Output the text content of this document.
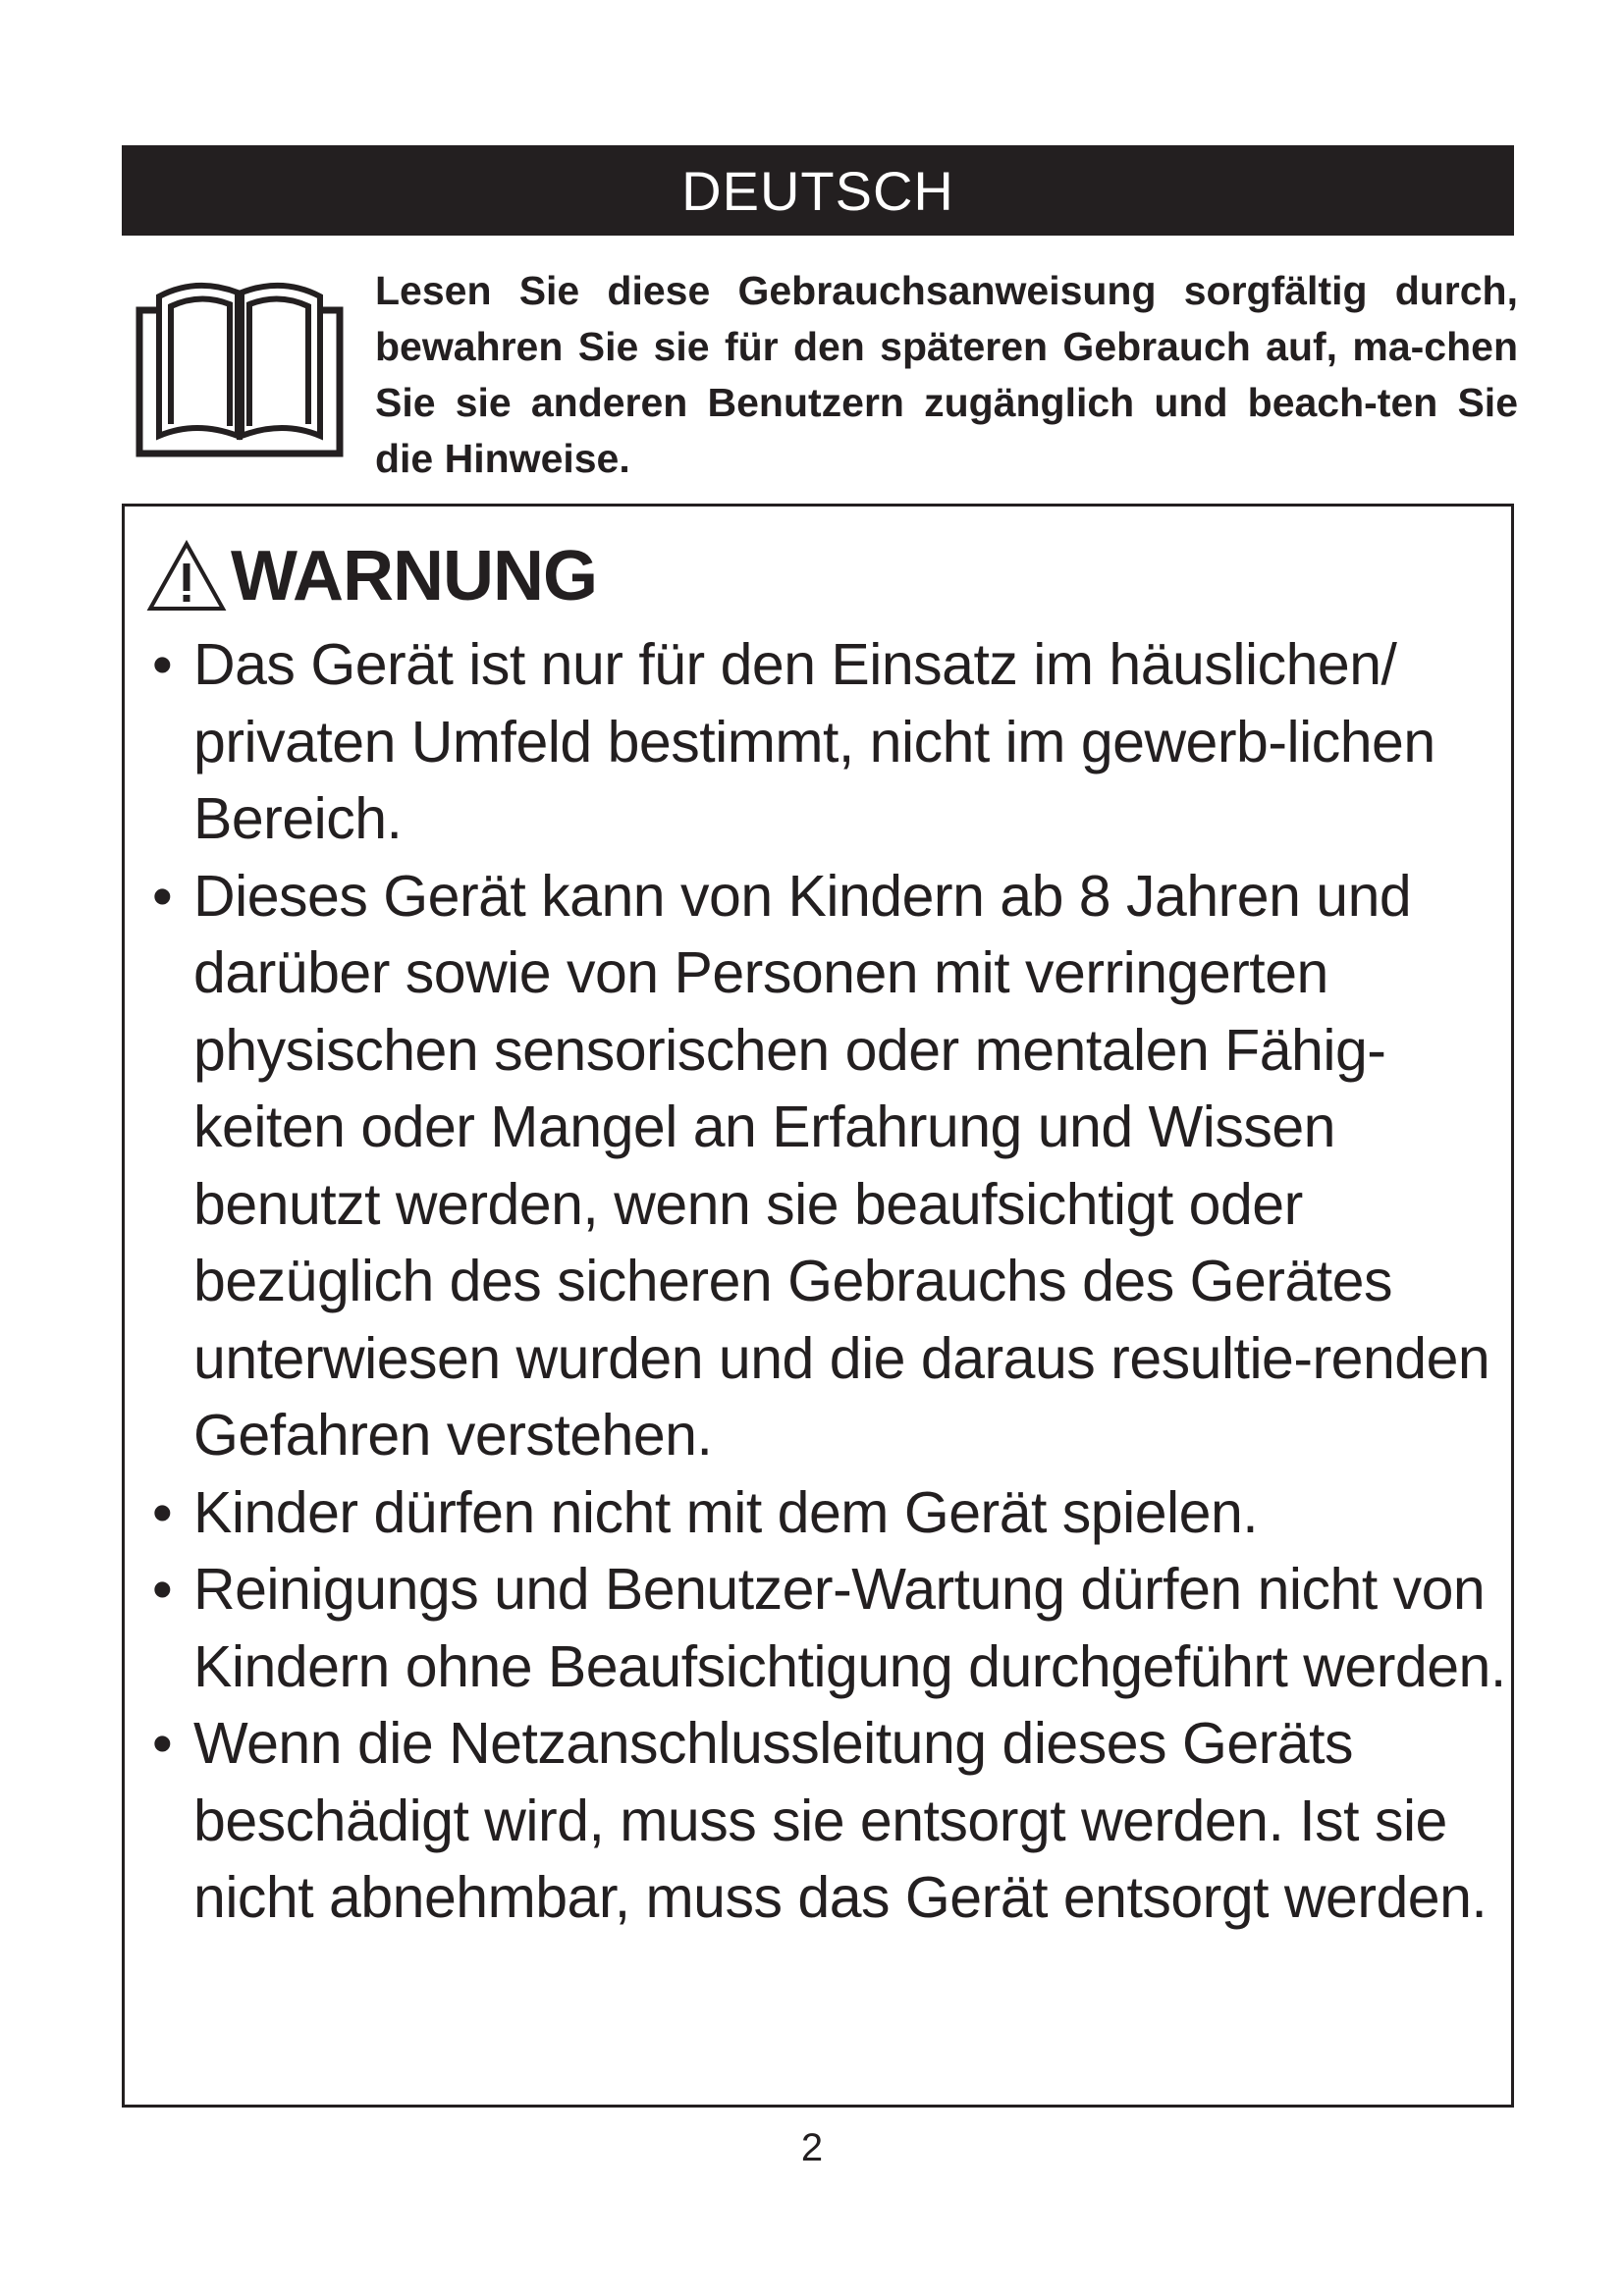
DEUTSCH

Lesen Sie diese Gebrauchsanweisung sorgfältig durch, bewahren Sie sie für den späteren Gebrauch auf, ma-chen Sie sie anderen Benutzern zugänglich und beach-ten Sie die Hinweise.

WARNUNG
• Das Gerät ist nur für den Einsatz im häuslichen/ privaten Umfeld bestimmt, nicht im gewerb-lichen Bereich.
• Dieses Gerät kann von Kindern ab 8 Jahren und darüber sowie von Personen mit verringerten physischen sensorischen oder mentalen Fähig-keiten oder Mangel an Erfahrung und Wissen benutzt werden, wenn sie beaufsichtigt oder bezüglich des sicheren Gebrauchs des Gerätes unterwiesen wurden und die daraus resultie-renden Gefahren verstehen.
• Kinder dürfen nicht mit dem Gerät spielen.
• Reinigungs und Benutzer-Wartung dürfen nicht von Kindern ohne Beaufsichtigung durchgeführt werden.
• Wenn die Netzanschlussleitung dieses Geräts beschädigt wird, muss sie entsorgt werden. Ist sie nicht abnehmbar, muss das Gerät entsorgt werden.
2
